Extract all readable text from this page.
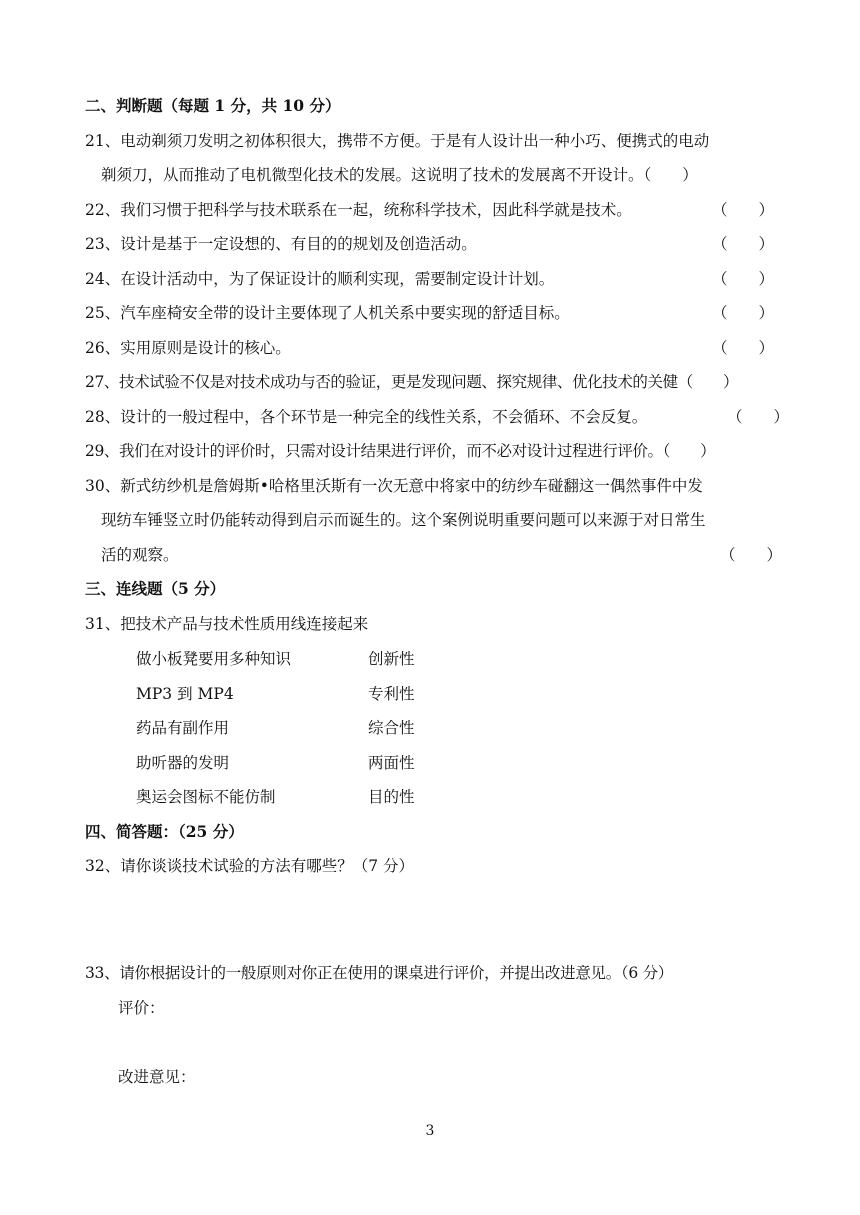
二、判断题（每题 1 分，共 10 分）
21、电动剃须刀发明之初体积很大，携带不方便。于是有人设计出一种小巧、便携式的电动
剃须刀，从而推动了电机微型化技术的发展。这说明了技术的发展离不开设计。（　　）
22、我们习惯于把科学与技术联系在一起，统称科学技术，因此科学就是技术。	（　　）
23、设计是基于一定设想的、有目的的规划及创造活动。	（　　）
24、在设计活动中，为了保证设计的顺利实现，需要制定设计计划。	（　　）
25、汽车座椅安全带的设计主要体现了人机关系中要实现的舒适目标。	（　　）
26、实用原则是设计的核心。	（　　）
27、技术试验不仅是对技术成功与否的验证，更是发现问题、探究规律、优化技术的关健（　　）
28、设计的一般过程中，各个环节是一种完全的线性关系，不会循环、不会反复。	（　　）
29、我们在对设计的评价时，只需对设计结果进行评价，而不必对设计过程进行评价。（　　）
30、新式纺纱机是詹姆斯•哈格里沃斯有一次无意中将家中的纺纱车碰翻这一偶然事件中发
现纺车锤竖立时仍能转动得到启示而诞生的。这个案例说明重要问题可以来源于对日常生
活的观察。	（　　）
三、连线题（5 分）
31、把技术产品与技术性质用线连接起来
做小板凳要用多种知识	创新性
MP3 到 MP4	专利性
药品有副作用	综合性
助听器的发明	两面性
奥运会图标不能仿制	目的性
四、简答题：（25 分）
32、请你谈谈技术试验的方法有哪些？（7 分）
33、请你根据设计的一般原则对你正在使用的课桌进行评价，并提出改进意见。（6 分）
评价：
改进意见：
3
